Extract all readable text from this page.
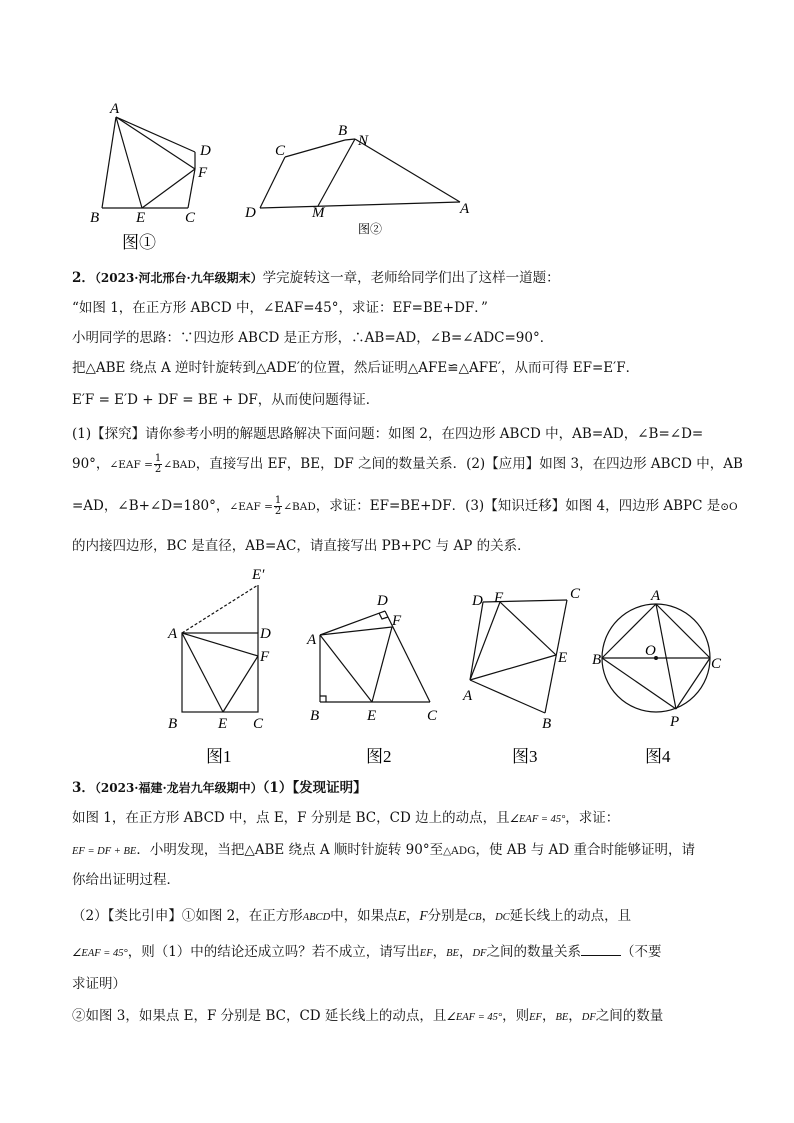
A
D
F
B E	C
图①
C
B
N
D	M	A
图②
2．（2023·河北邢台·九年级期末）学完旋转这一章，老师给同学们出了这样一道题：
“如图 1，在正方形 ABCD 中，∠EAF=45°，求证：EF=BE+DF．”
小明同学的思路：∵四边形 ABCD 是正方形，∴AB=AD，∠B=∠ADC=90°．
把△ABE 绕点 A 逆时针旋转到△ADE′的位置，然后证明△AFE≌△AFE′，从而可得 EF=E′F．
E′F = E′D + DF = BE + DF，从而使问题得证．
(1)【探究】请你参考小明的解题思路解决下面问题：如图 2，在四边形 ABCD 中，AB=AD，∠B=∠D=
90°，∠EAF = $\frac{1}{2}$ ∠BAD，直接写出 EF，BE，DF 之间的数量关系．(2)【应用】如图 3，在四边形 ABCD 中，AB
=AD，∠B+∠D=180°，∠EAF = $\frac{1}{2}$ ∠BAD，求证：EF=BE+DF．(3)【知识迁移】如图 4，四边形 ABPC 是⊙O
的内接四边形，BC 是直径，AB=AC，请直接写出 PB+PC 与 AP 的关系．
E′
A	D
F
B	E C
图1
D
F
A
B	E	C
图2
D F	C
E
A
B
图3
A
B
O
C
P
图4
3．（2023·福建·龙岩九年级期中）（1）【发现证明】
如图 1，在正方形 ABCD 中，点 E，F 分别是 BC，CD 边上的动点，且∠EAF = 45°，求证：
EF = DF + BE．小明发现，当把△ABE 绕点 A 顺时针旋转 90°至△ADG，使 AB 与 AD 重合时能够证明，请
你给出证明过程．
（2）【类比引申】①如图 2，在正方形ABCD中，如果点E，F分别是CB，DC延长线上的动点，且
∠EAF = 45°，则（1）中的结论还成立吗？若不成立，请写出EF，BE，DF之间的数量关系	（不要
求证明）
②如图 3，如果点 E，F 分别是 BC，CD 延长线上的动点，且∠EAF = 45°，则EF，BE，DF之间的数量
